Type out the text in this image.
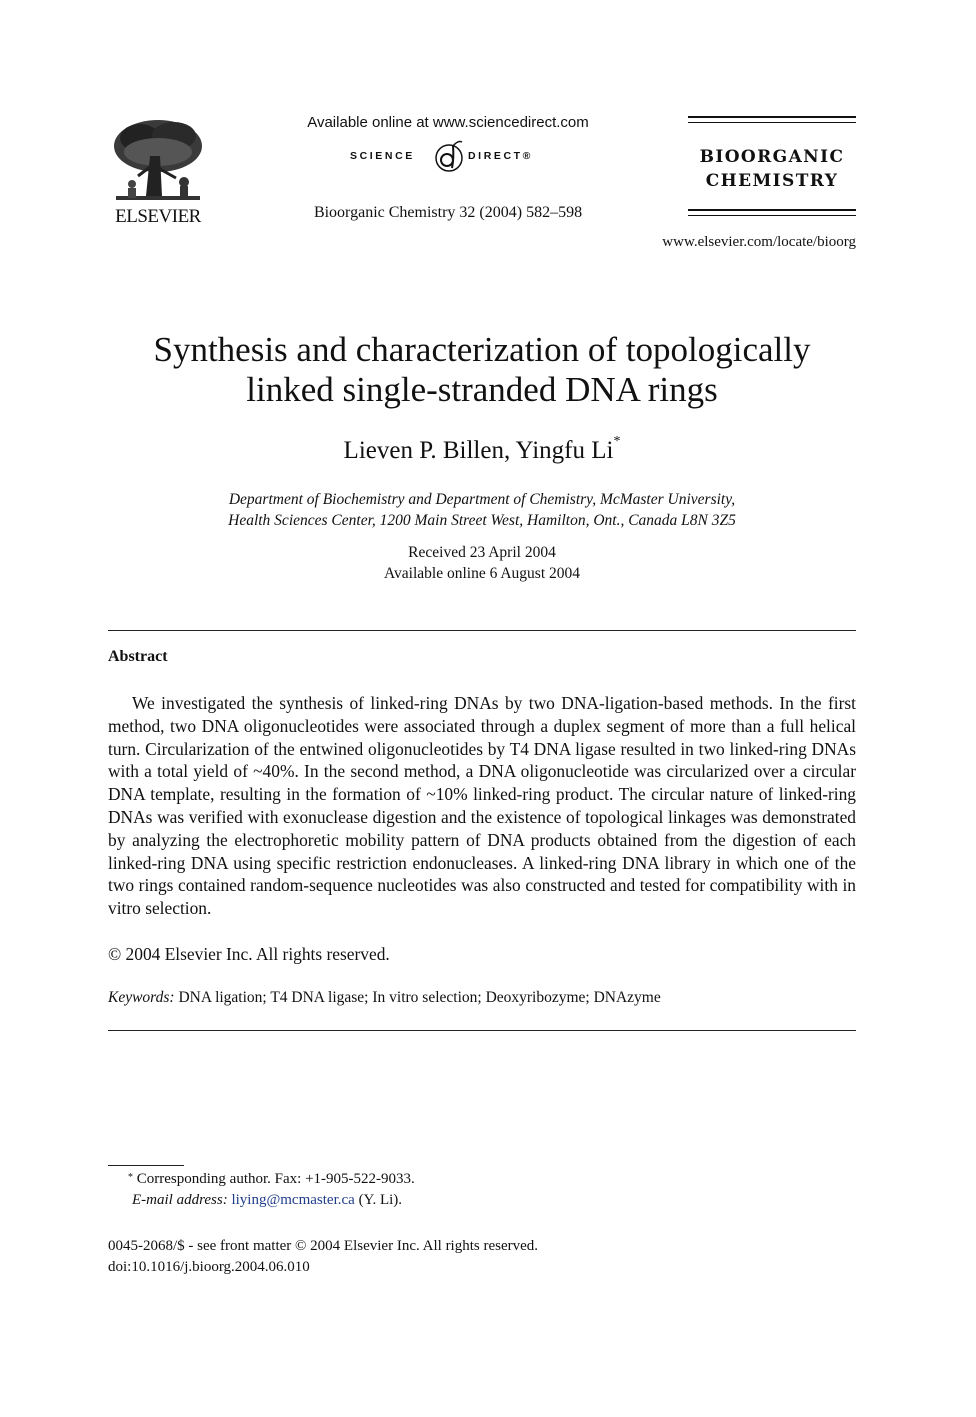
ELSEVIER
Available online at www.sciencedirect.com
SCIENCE	DIRECT®
Bioorganic Chemistry 32 (2004) 582–598
BIOORGANIC
CHEMISTRY
www.elsevier.com/locate/bioorg
Synthesis and characterization of topologically
linked single-stranded DNA rings
Lieven P. Billen, Yingfu Li*
Department of Biochemistry and Department of Chemistry, McMaster University,
Health Sciences Center, 1200 Main Street West, Hamilton, Ont., Canada L8N 3Z5
Received 23 April 2004
Available online 6 August 2004
Abstract

We investigated the synthesis of linked-ring DNAs by two DNA-ligation-based methods. In the first method, two DNA oligonucleotides were associated through a duplex segment of more than a full helical turn. Circularization of the entwined oligonucleotides by T4 DNA ligase resulted in two linked-ring DNAs with a total yield of ~40%. In the second method, a DNA oligonucleotide was circularized over a circular DNA template, resulting in the formation of ~10% linked-ring product. The circular nature of linked-ring DNAs was verified with exonuclease digestion and the existence of topological linkages was demonstrated by analyzing the electrophoretic mobility pattern of DNA products obtained from the digestion of each linked-ring DNA using specific restriction endonucleases. A linked-ring DNA library in which one of the two rings contained random-sequence nucleotides was also constructed and tested for compatibility with in vitro selection.

© 2004 Elsevier Inc. All rights reserved.
Keywords: DNA ligation; T4 DNA ligase; In vitro selection; Deoxyribozyme; DNAzyme
* Corresponding author. Fax: +1-905-522-9033.
E-mail address: liying@mcmaster.ca (Y. Li).
0045-2068/$ - see front matter © 2004 Elsevier Inc. All rights reserved.
doi:10.1016/j.bioorg.2004.06.010
